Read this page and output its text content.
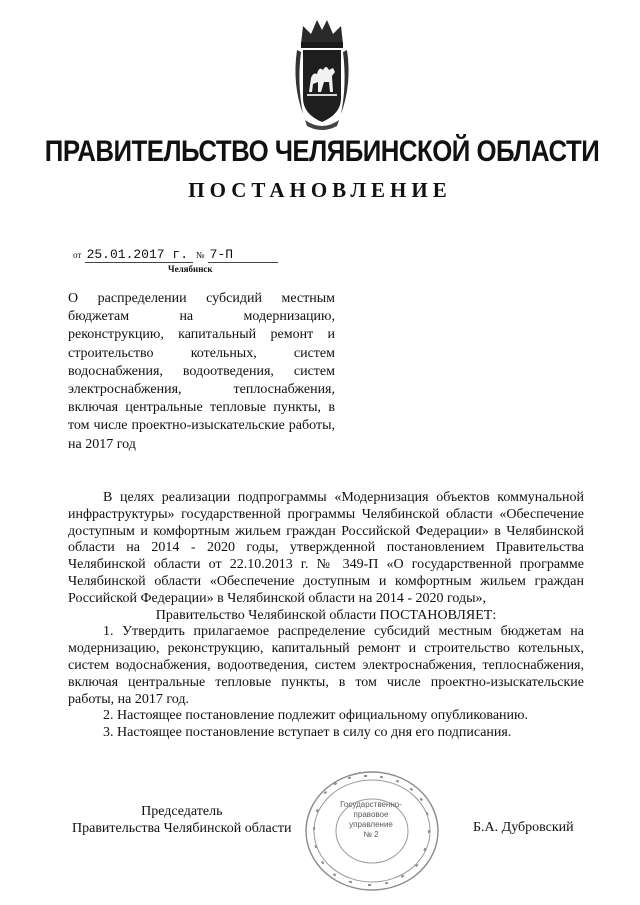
ПРАВИТЕЛЬСТВО ЧЕЛЯБИНСКОЙ ОБЛАСТИ
ПОСТАНОВЛЕНИЕ
от 25.01.2017 г. № 7-П
Челябинск
О распределении субсидий местным бюджетам на модернизацию, реконструкцию, капитальный ремонт и строительство котельных, систем водоснабжения, водоотведения, систем электроснабжения, теплоснабжения, включая центральные тепловые пункты, в том числе проектно-изыскательские работы, на 2017 год

В целях реализации подпрограммы «Модернизация объектов коммунальной инфраструктуры» государственной программы Челябинской области «Обеспечение доступным и комфортным жильем граждан Российской Федерации» в Челябинской области на 2014 - 2020 годы, утвержденной постановлением Правительства Челябинской области от 22.10.2013 г. № 349-П «О государственной программе Челябинской области «Обеспечение доступным и комфортным жильем граждан Российской Федерации» в Челябинской области на 2014 - 2020 годы»,

Правительство Челябинской области ПОСТАНОВЛЯЕТ:

1. Утвердить прилагаемое распределение субсидий местным бюджетам на модернизацию, реконструкцию, капитальный ремонт и строительство котельных, систем водоснабжения, водоотведения, систем электроснабжения, теплоснабжения, включая центральные тепловые пункты, в том числе проектно-изыскательские работы, на 2017 год.

2. Настоящее постановление подлежит официальному опубликованию.

3. Настоящее постановление вступает в силу со дня его подписания.

Государственно-
правовое
управление
№ 2
Председатель
Правительства Челябинской области	Б.А. Дубровский
